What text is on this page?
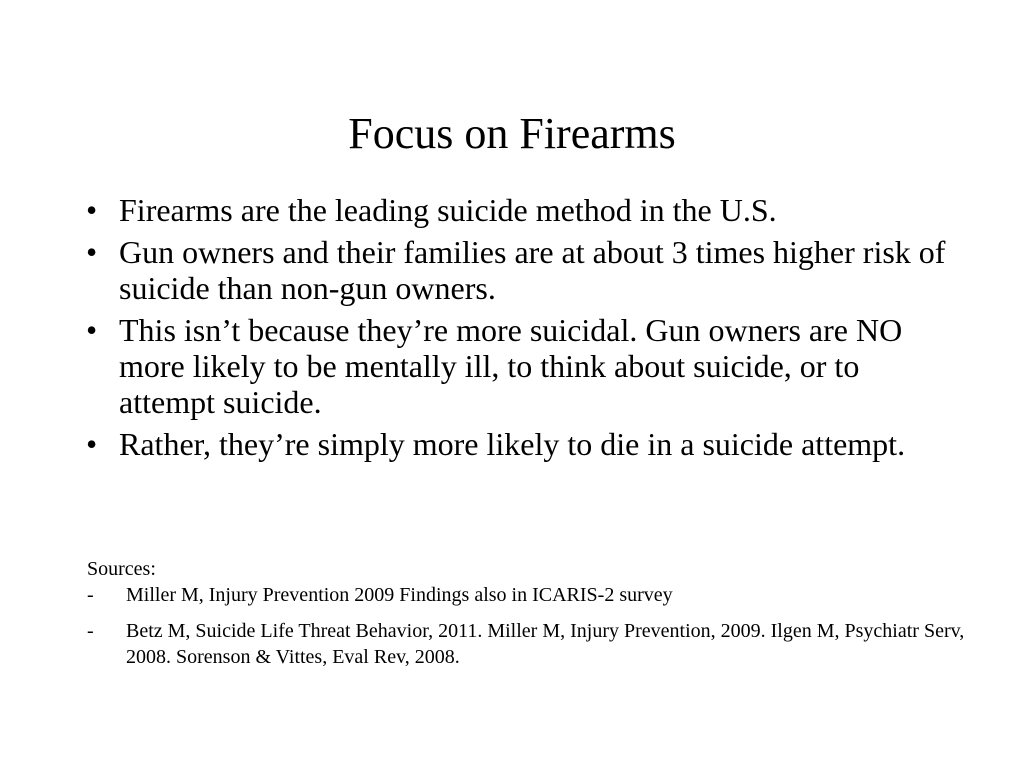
Focus on Firearms
• Firearms are the leading suicide method in the U.S.
• Gun owners and their families are at about 3 times higher risk of suicide than non-gun owners.
• This isn’t because they’re more suicidal. Gun owners are NO more likely to be mentally ill, to think about suicide, or to attempt suicide.
• Rather, they’re simply more likely to die in a suicide attempt.

Sources:

- Miller M, Injury Prevention 2009 Findings also in ICARIS-2 survey

- Betz M, Suicide Life Threat Behavior, 2011. Miller M, Injury Prevention, 2009. Ilgen M, Psychiatr Serv, 2008. Sorenson & Vittes, Eval Rev, 2008.
